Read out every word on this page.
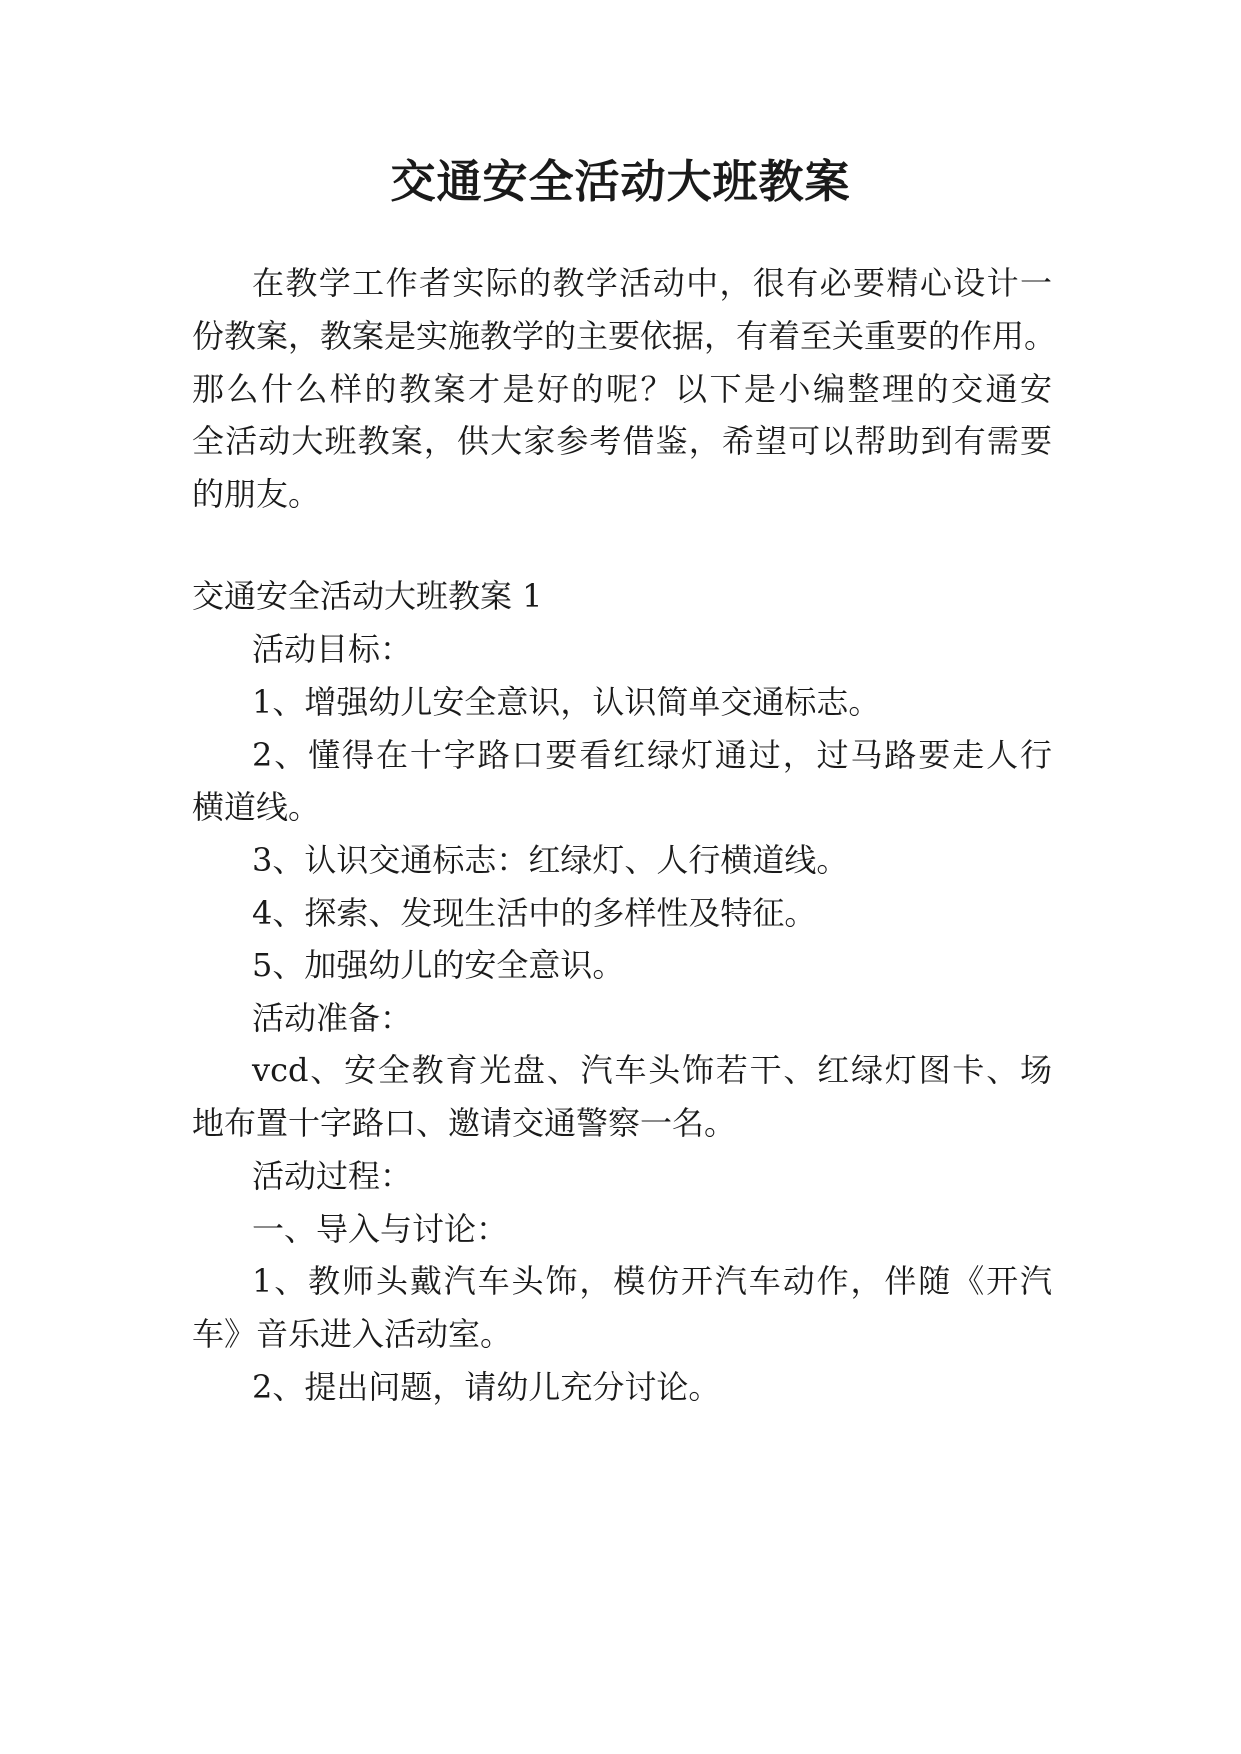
交通安全活动大班教案

在教学工作者实际的教学活动中，很有必要精心设计一

份教案，教案是实施教学的主要依据，有着至关重要的作用。

那么什么样的教案才是好的呢？以下是小编整理的交通安

全活动大班教案，供大家参考借鉴，希望可以帮助到有需要

的朋友。

交通安全活动大班教案 1

活动目标：

1、增强幼儿安全意识，认识简单交通标志。

2、懂得在十字路口要看红绿灯通过，过马路要走人行

横道线。

3、认识交通标志：红绿灯、人行横道线。

4、探索、发现生活中的多样性及特征。

5、加强幼儿的安全意识。

活动准备：

vcd、安全教育光盘、汽车头饰若干、红绿灯图卡、场

地布置十字路口、邀请交通警察一名。

活动过程：

一、导入与讨论：

1、教师头戴汽车头饰，模仿开汽车动作，伴随《开汽

车》音乐进入活动室。

2、提出问题，请幼儿充分讨论。
